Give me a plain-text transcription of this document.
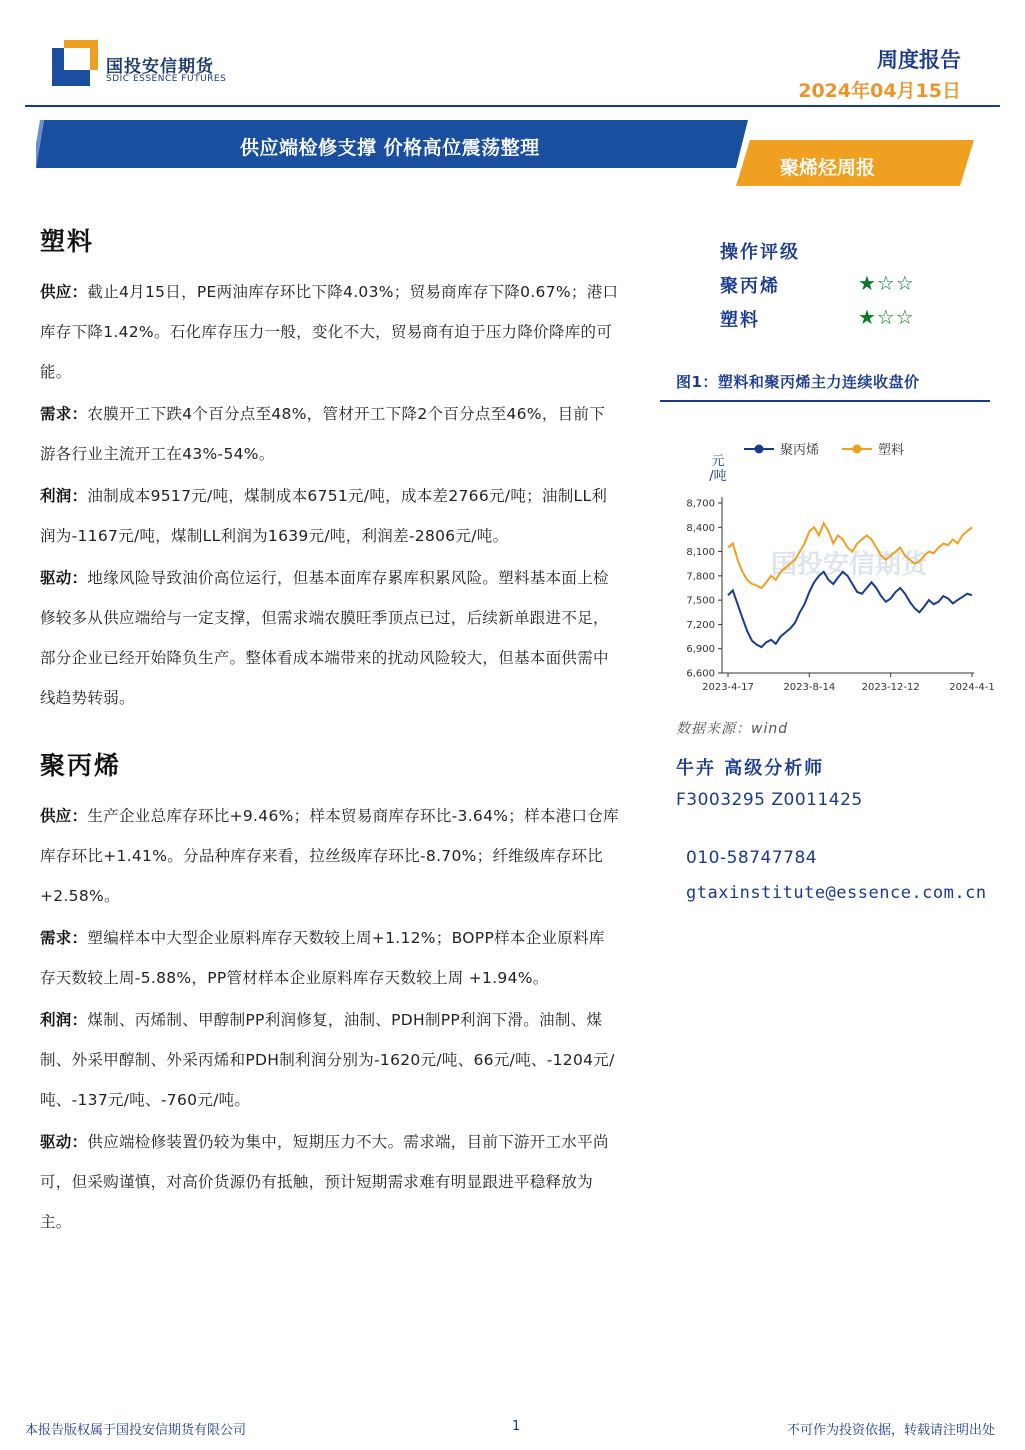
国投安信期货
SDIC ESSENCE FUTURES
周度报告
2024年04月15日
供应端检修支撑 价格高位震荡整理
聚烯烃周报
塑料

供应：截止4月15日，PE两油库存环比下降4.03%；贸易商库存下降0.67%；港口库存下降1.42%。石化库存压力一般，变化不大，贸易商有迫于压力降价降库的可能。

需求：农膜开工下跌4个百分点至48%，管材开工下降2个百分点至46%，目前下游各行业主流开工在43%-54%。

利润：油制成本9517元/吨，煤制成本6751元/吨，成本差2766元/吨；油制LL利润为-1167元/吨，煤制LL利润为1639元/吨，利润差-2806元/吨。

驱动：地缘风险导致油价高位运行，但基本面库存累库积累风险。塑料基本面上检修较多从供应端给与一定支撑，但需求端农膜旺季顶点已过，后续新单跟进不足，部分企业已经开始降负生产。整体看成本端带来的扰动风险较大，但基本面供需中线趋势转弱。

聚丙烯

供应：生产企业总库存环比+9.46%；样本贸易商库存环比-3.64%；样本港口仓库库存环比+1.41%。分品种库存来看，拉丝级库存环比-8.70%；纤维级库存环比+2.58%。

需求：塑编样本中大型企业原料库存天数较上周+1.12%；BOPP样本企业原料库存天数较上周-5.88%，PP管材样本企业原料库存天数较上周 +1.94%。

利润：煤制、丙烯制、甲醇制PP利润修复，油制、PDH制PP利润下滑。油制、煤制、外采甲醇制、外采丙烯和PDH制利润分别为-1620元/吨、66元/吨、-1204元/吨、-137元/吨、-760元/吨。

驱动：供应端检修装置仍较为集中，短期压力不大。需求端，目前下游开工水平尚可，但采购谨慎，对高价货源仍有抵触，预计短期需求难有明显跟进平稳释放为主。

操作评级
聚丙烯	★☆☆
塑料	★☆☆
图1：塑料和聚丙烯主力连续收盘价
国投安信期货
元
/吨
8,700
8,400
8,100
7,800
7,500
7,200
6,900
6,600
2023-4-17	2023-8-14	2023-12-12	2024-4-1
聚丙烯	塑料
数据来源：wind
牛卉 高级分析师
F3003295 Z0011425
010-58747784
gtaxinstitute@essence.com.cn
本报告版权属于国投安信期货有限公司	1	不可作为投资依据，转载请注明出处
